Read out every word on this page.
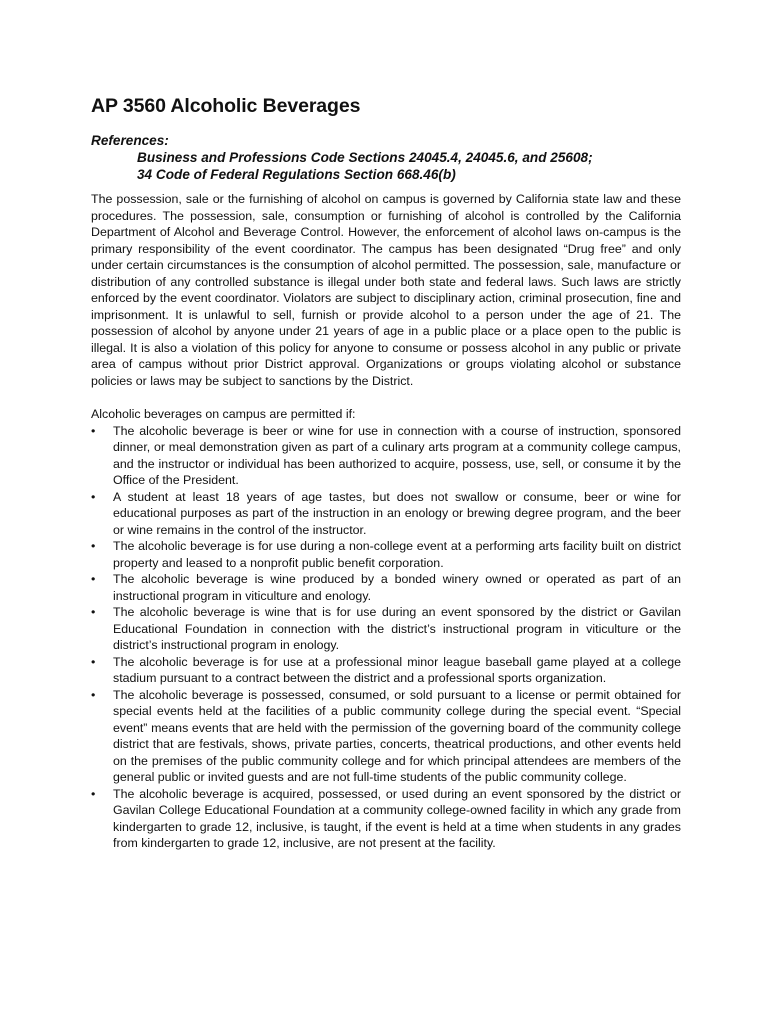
AP 3560 Alcoholic Beverages
References:
Business and Professions Code Sections 24045.4, 24045.6, and 25608;
34 Code of Federal Regulations Section 668.46(b)

The possession, sale or the furnishing of alcohol on campus is governed by California state law and these procedures. The possession, sale, consumption or furnishing of alcohol is controlled by the California Department of Alcohol and Beverage Control. However, the enforcement of alcohol laws on-campus is the primary responsibility of the event coordinator. The campus has been designated “Drug free” and only under certain circumstances is the consumption of alcohol permitted. The possession, sale, manufacture or distribution of any controlled substance is illegal under both state and federal laws. Such laws are strictly enforced by the event coordinator. Violators are subject to disciplinary action, criminal prosecution, fine and imprisonment. It is unlawful to sell, furnish or provide alcohol to a person under the age of 21. The possession of alcohol by anyone under 21 years of age in a public place or a place open to the public is illegal. It is also a violation of this policy for anyone to consume or possess alcohol in any public or private area of campus without prior District approval. Organizations or groups violating alcohol or substance policies or laws may be subject to sanctions by the District.

Alcoholic beverages on campus are permitted if:

•	The alcoholic beverage is beer or wine for use in connection with a course of instruction, sponsored dinner, or meal demonstration given as part of a culinary arts program at a community college campus, and the instructor or individual has been authorized to acquire, possess, use, sell, or consume it by the Office of the President.
•	A student at least 18 years of age tastes, but does not swallow or consume, beer or wine for educational purposes as part of the instruction in an enology or brewing degree program, and the beer or wine remains in the control of the instructor.
•	The alcoholic beverage is for use during a non-college event at a performing arts facility built on district property and leased to a nonprofit public benefit corporation.
•	The alcoholic beverage is wine produced by a bonded winery owned or operated as part of an instructional program in viticulture and enology.
•	The alcoholic beverage is wine that is for use during an event sponsored by the district or Gavilan Educational Foundation in connection with the district’s instructional program in viticulture or the district’s instructional program in enology.
•	The alcoholic beverage is for use at a professional minor league baseball game played at a college stadium pursuant to a contract between the district and a professional sports organization.
•	The alcoholic beverage is possessed, consumed, or sold pursuant to a license or permit obtained for special events held at the facilities of a public community college during the special event. “Special event” means events that are held with the permission of the governing board of the community college district that are festivals, shows, private parties, concerts, theatrical productions, and other events held on the premises of the public community college and for which principal attendees are members of the general public or invited guests and are not full-time students of the public community college.
•	The alcoholic beverage is acquired, possessed, or used during an event sponsored by the district or Gavilan College Educational Foundation at a community college-owned facility in which any grade from kindergarten to grade 12, inclusive, is taught, if the event is held at a time when students in any grades from kindergarten to grade 12, inclusive, are not present at the facility.
